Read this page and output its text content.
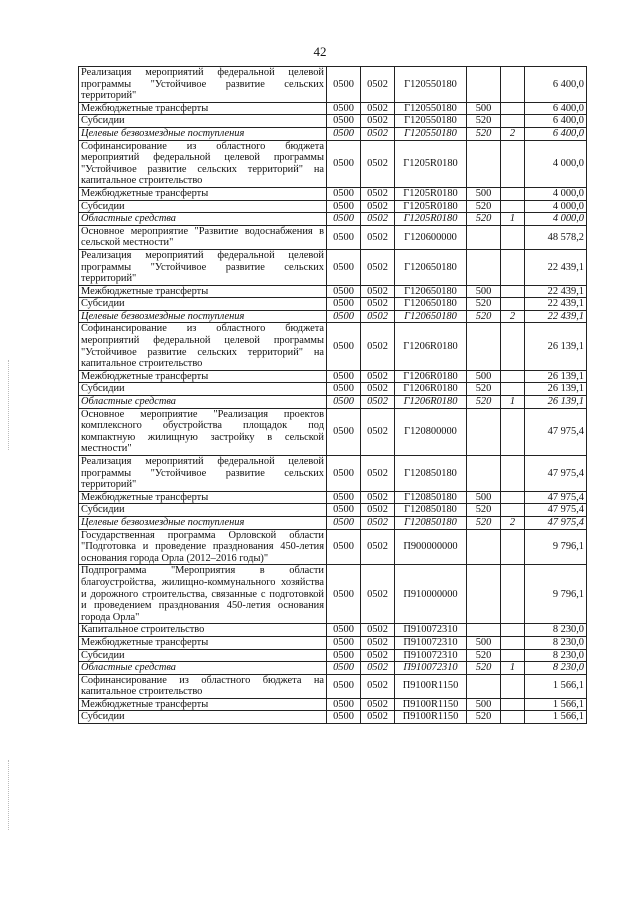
42
Реализация мероприятий федеральной целевой программы "Устойчивое развитие сельских территорий"	0500	0502	Г120550180			6 400,0
Межбюджетные трансферты	0500	0502	Г120550180	500		6 400,0
Субсидии	0500	0502	Г120550180	520		6 400,0
Целевые безвозмездные поступления	0500	0502	Г120550180	520	2	6 400,0
Софинансирование из областного бюджета мероприятий федеральной целевой программы "Устойчивое развитие сельских территорий" на капитальное строительство	0500	0502	Г1205R0180			4 000,0
Межбюджетные трансферты	0500	0502	Г1205R0180	500		4 000,0
Субсидии	0500	0502	Г1205R0180	520		4 000,0
Областные средства	0500	0502	Г1205R0180	520	1	4 000,0
Основное мероприятие "Развитие водоснабжения в сельской местности"	0500	0502	Г120600000			48 578,2
Реализация мероприятий федеральной целевой программы "Устойчивое развитие сельских территорий"	0500	0502	Г120650180			22 439,1
Межбюджетные трансферты	0500	0502	Г120650180	500		22 439,1
Субсидии	0500	0502	Г120650180	520		22 439,1
Целевые безвозмездные поступления	0500	0502	Г120650180	520	2	22 439,1
Софинансирование из областного бюджета мероприятий федеральной целевой программы "Устойчивое развитие сельских территорий" на капитальное строительство	0500	0502	Г1206R0180			26 139,1
Межбюджетные трансферты	0500	0502	Г1206R0180	500		26 139,1
Субсидии	0500	0502	Г1206R0180	520		26 139,1
Областные средства	0500	0502	Г1206R0180	520	1	26 139,1
Основное мероприятие "Реализация проектов комплексного обустройства площадок под компактную жилищную застройку в сельской местности"	0500	0502	Г120800000			47 975,4
Реализация мероприятий федеральной целевой программы "Устойчивое развитие сельских территорий"	0500	0502	Г120850180			47 975,4
Межбюджетные трансферты	0500	0502	Г120850180	500		47 975,4
Субсидии	0500	0502	Г120850180	520		47 975,4
Целевые безвозмездные поступления	0500	0502	Г120850180	520	2	47 975,4
Государственная программа Орловской области "Подготовка и проведение празднования 450-летия основания города Орла (2012–2016 годы)"	0500	0502	П900000000			9 796,1
Подпрограмма "Мероприятия в области благоустройства, жилищно-коммунального хозяйства и дорожного строительства, связанные с подготовкой и проведением празднования 450-летия основания города Орла"	0500	0502	П910000000			9 796,1
Капитальное строительство	0500	0502	П910072310			8 230,0
Межбюджетные трансферты	0500	0502	П910072310	500		8 230,0
Субсидии	0500	0502	П910072310	520		8 230,0
Областные средства	0500	0502	П910072310	520	1	8 230,0
Софинансирование из областного бюджета на капитальное строительство	0500	0502	П9100R1150			1 566,1
Межбюджетные трансферты	0500	0502	П9100R1150	500		1 566,1
Субсидии	0500	0502	П9100R1150	520		1 566,1
